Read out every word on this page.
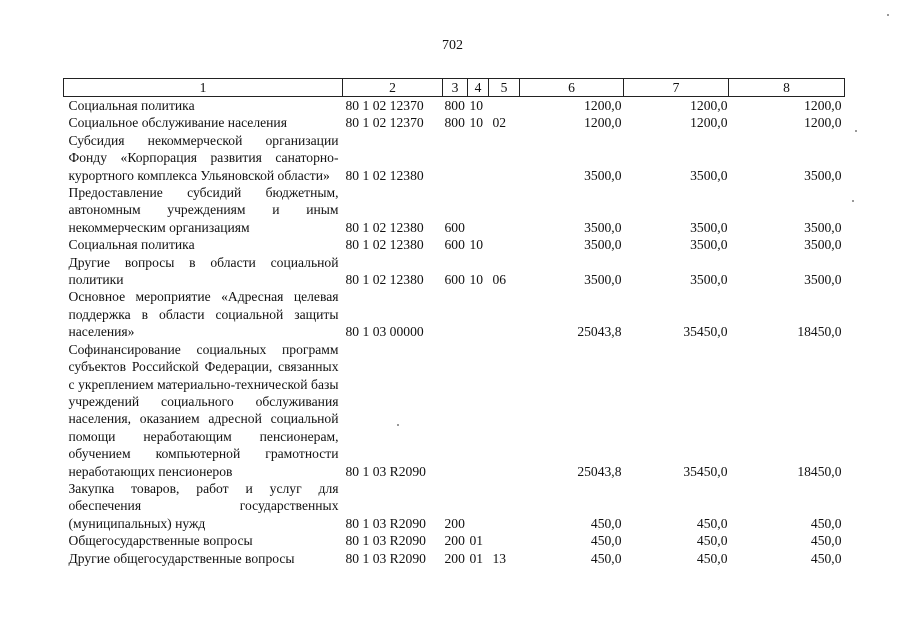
702
1	2	3	4	5	6	7	8
Социальная политика	80 1 02 12370	800	10		1200,0	1200,0	1200,0
Социальное обслуживание населения	80 1 02 12370	800	10	02	1200,0	1200,0	1200,0
Субсидия некоммерческой организации Фонду «Корпорация развития санаторно-курортного комплекса Ульяновской области»	80 1 02 12380				3500,0	3500,0	3500,0
Предоставление субсидий бюджетным, автономным учреждениям и иным некоммерческим организациям	80 1 02 12380	600			3500,0	3500,0	3500,0
Социальная политика	80 1 02 12380	600	10		3500,0	3500,0	3500,0
Другие вопросы в области социальной политики	80 1 02 12380	600	10	06	3500,0	3500,0	3500,0
Основное мероприятие «Адресная целевая поддержка в области социальной защиты населения»	80 1 03 00000				25043,8	35450,0	18450,0
Софинансирование социальных программ субъектов Российской Федерации, связанных с укреплением материально-технической базы учреждений социального обслуживания населения, оказанием адресной социальной помощи неработающим пенсионерам, обучением компьютерной грамотности неработающих пенсионеров	80 1 03 R2090				25043,8	35450,0	18450,0
Закупка товаров, работ и услуг для обеспечения государственных (муниципальных) нужд	80 1 03 R2090	200			450,0	450,0	450,0
Общегосударственные вопросы	80 1 03 R2090	200	01		450,0	450,0	450,0
Другие общегосударственные вопросы	80 1 03 R2090	200	01	13	450,0	450,0	450,0
